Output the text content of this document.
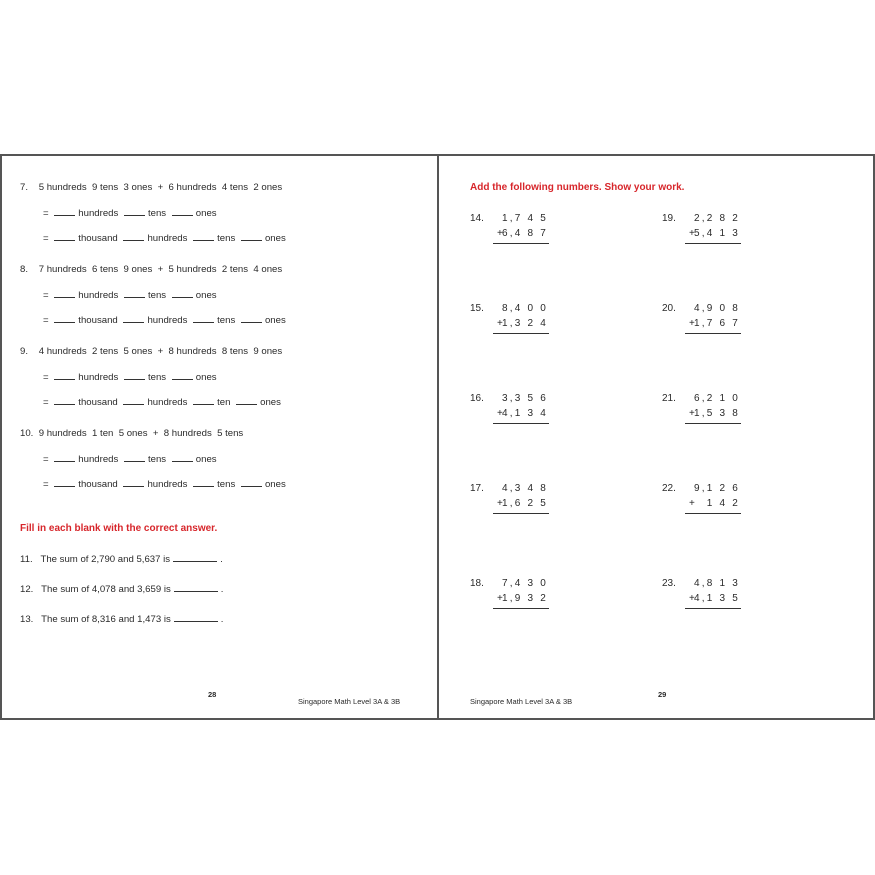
7. 5 hundreds  9 tens  3 ones  +  6 hundreds  4 tens  2 ones
=	hundreds	tens	ones
=	thousand	hundreds	tens	ones
8. 7 hundreds  6 tens  9 ones  +  5 hundreds  2 tens  4 ones
=	hundreds	tens	ones
=	thousand	hundreds	tens	ones
9. 4 hundreds  2 tens  5 ones  +  8 hundreds  8 tens  9 ones
=	hundreds	tens	ones
=	thousand	hundreds	ten	ones
10. 9 hundreds  1 ten  5 ones  +  8 hundreds  5 tens
=	hundreds	tens	ones
=	thousand	hundreds	tens	ones
Fill in each blank with the correct answer.
11. The sum of 2,790 and 5,637 is	.
12. The sum of 4,078 and 3,659 is	.
13. The sum of 8,316 and 1,473 is	.
28
Singapore Math Level 3A & 3B
Add the following numbers. Show your work.
14. 1,7 4 5
+ 6,4 8 7
19. 2,2 8 2
+ 5,4 1 3
15. 8,4 0 0
+ 1,3 2 4
20. 4,9 0 8
+ 1,7 6 7
16. 3,3 5 6
+ 4,1 3 4
21. 6,2 1 0
+ 1,5 3 8
17. 4,3 4 8
+ 1,6 2 5
22. 9,1 2 6
+ 1 4 2
18. 7,4 3 0
+ 1,9 3 2
23. 4,8 1 3
+ 4,1 3 5
29
Singapore Math Level 3A & 3B
